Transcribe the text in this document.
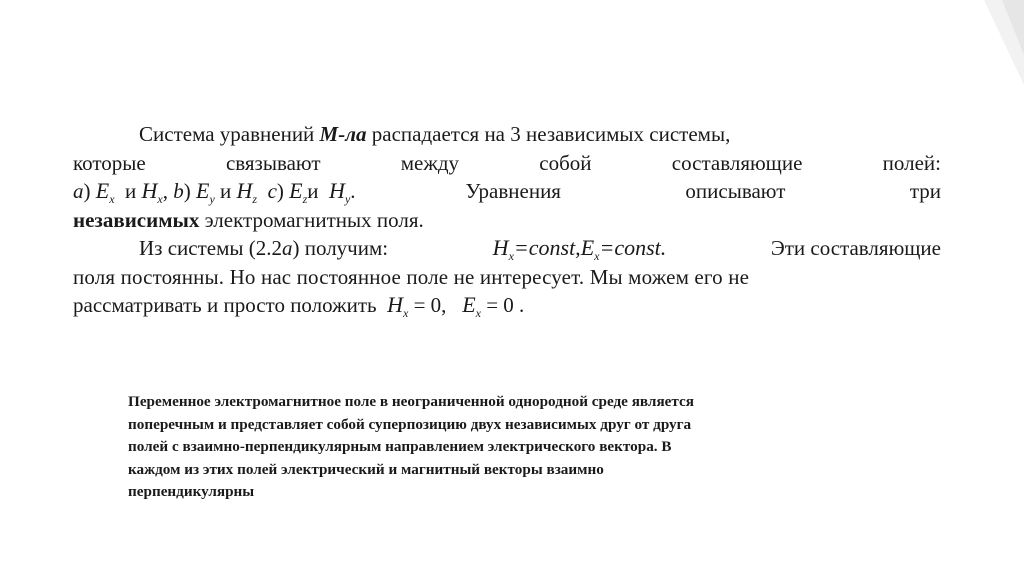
Система уравнений М-ла распадается на 3 независимых системы,
которые	связывают	между	собой	составляющие	полей:
a) $E_x$ и $H_x$, b) $E_y$ и $H_z$ c) $E_zи$ $H_y$.	Уравнения	описывают	три
независимых электромагнитных поля.
Из системы (2.2a) получим:	$H_x=const,E_x=const$.	Эти составляющие
поля постоянны. Но нас постоянное поле не интересует. Мы можем его не
рассматривать и просто положить $H_x = 0$, $E_x = 0$ .
Переменное электромагнитное поле в неограниченной однородной среде является
поперечным и представляет собой суперпозицию двух независимых друг от друга
полей с взаимно-перпендикулярным направлением электрического вектора. В
каждом из этих полей электрический и магнитный векторы взаимно
перпендикулярны
